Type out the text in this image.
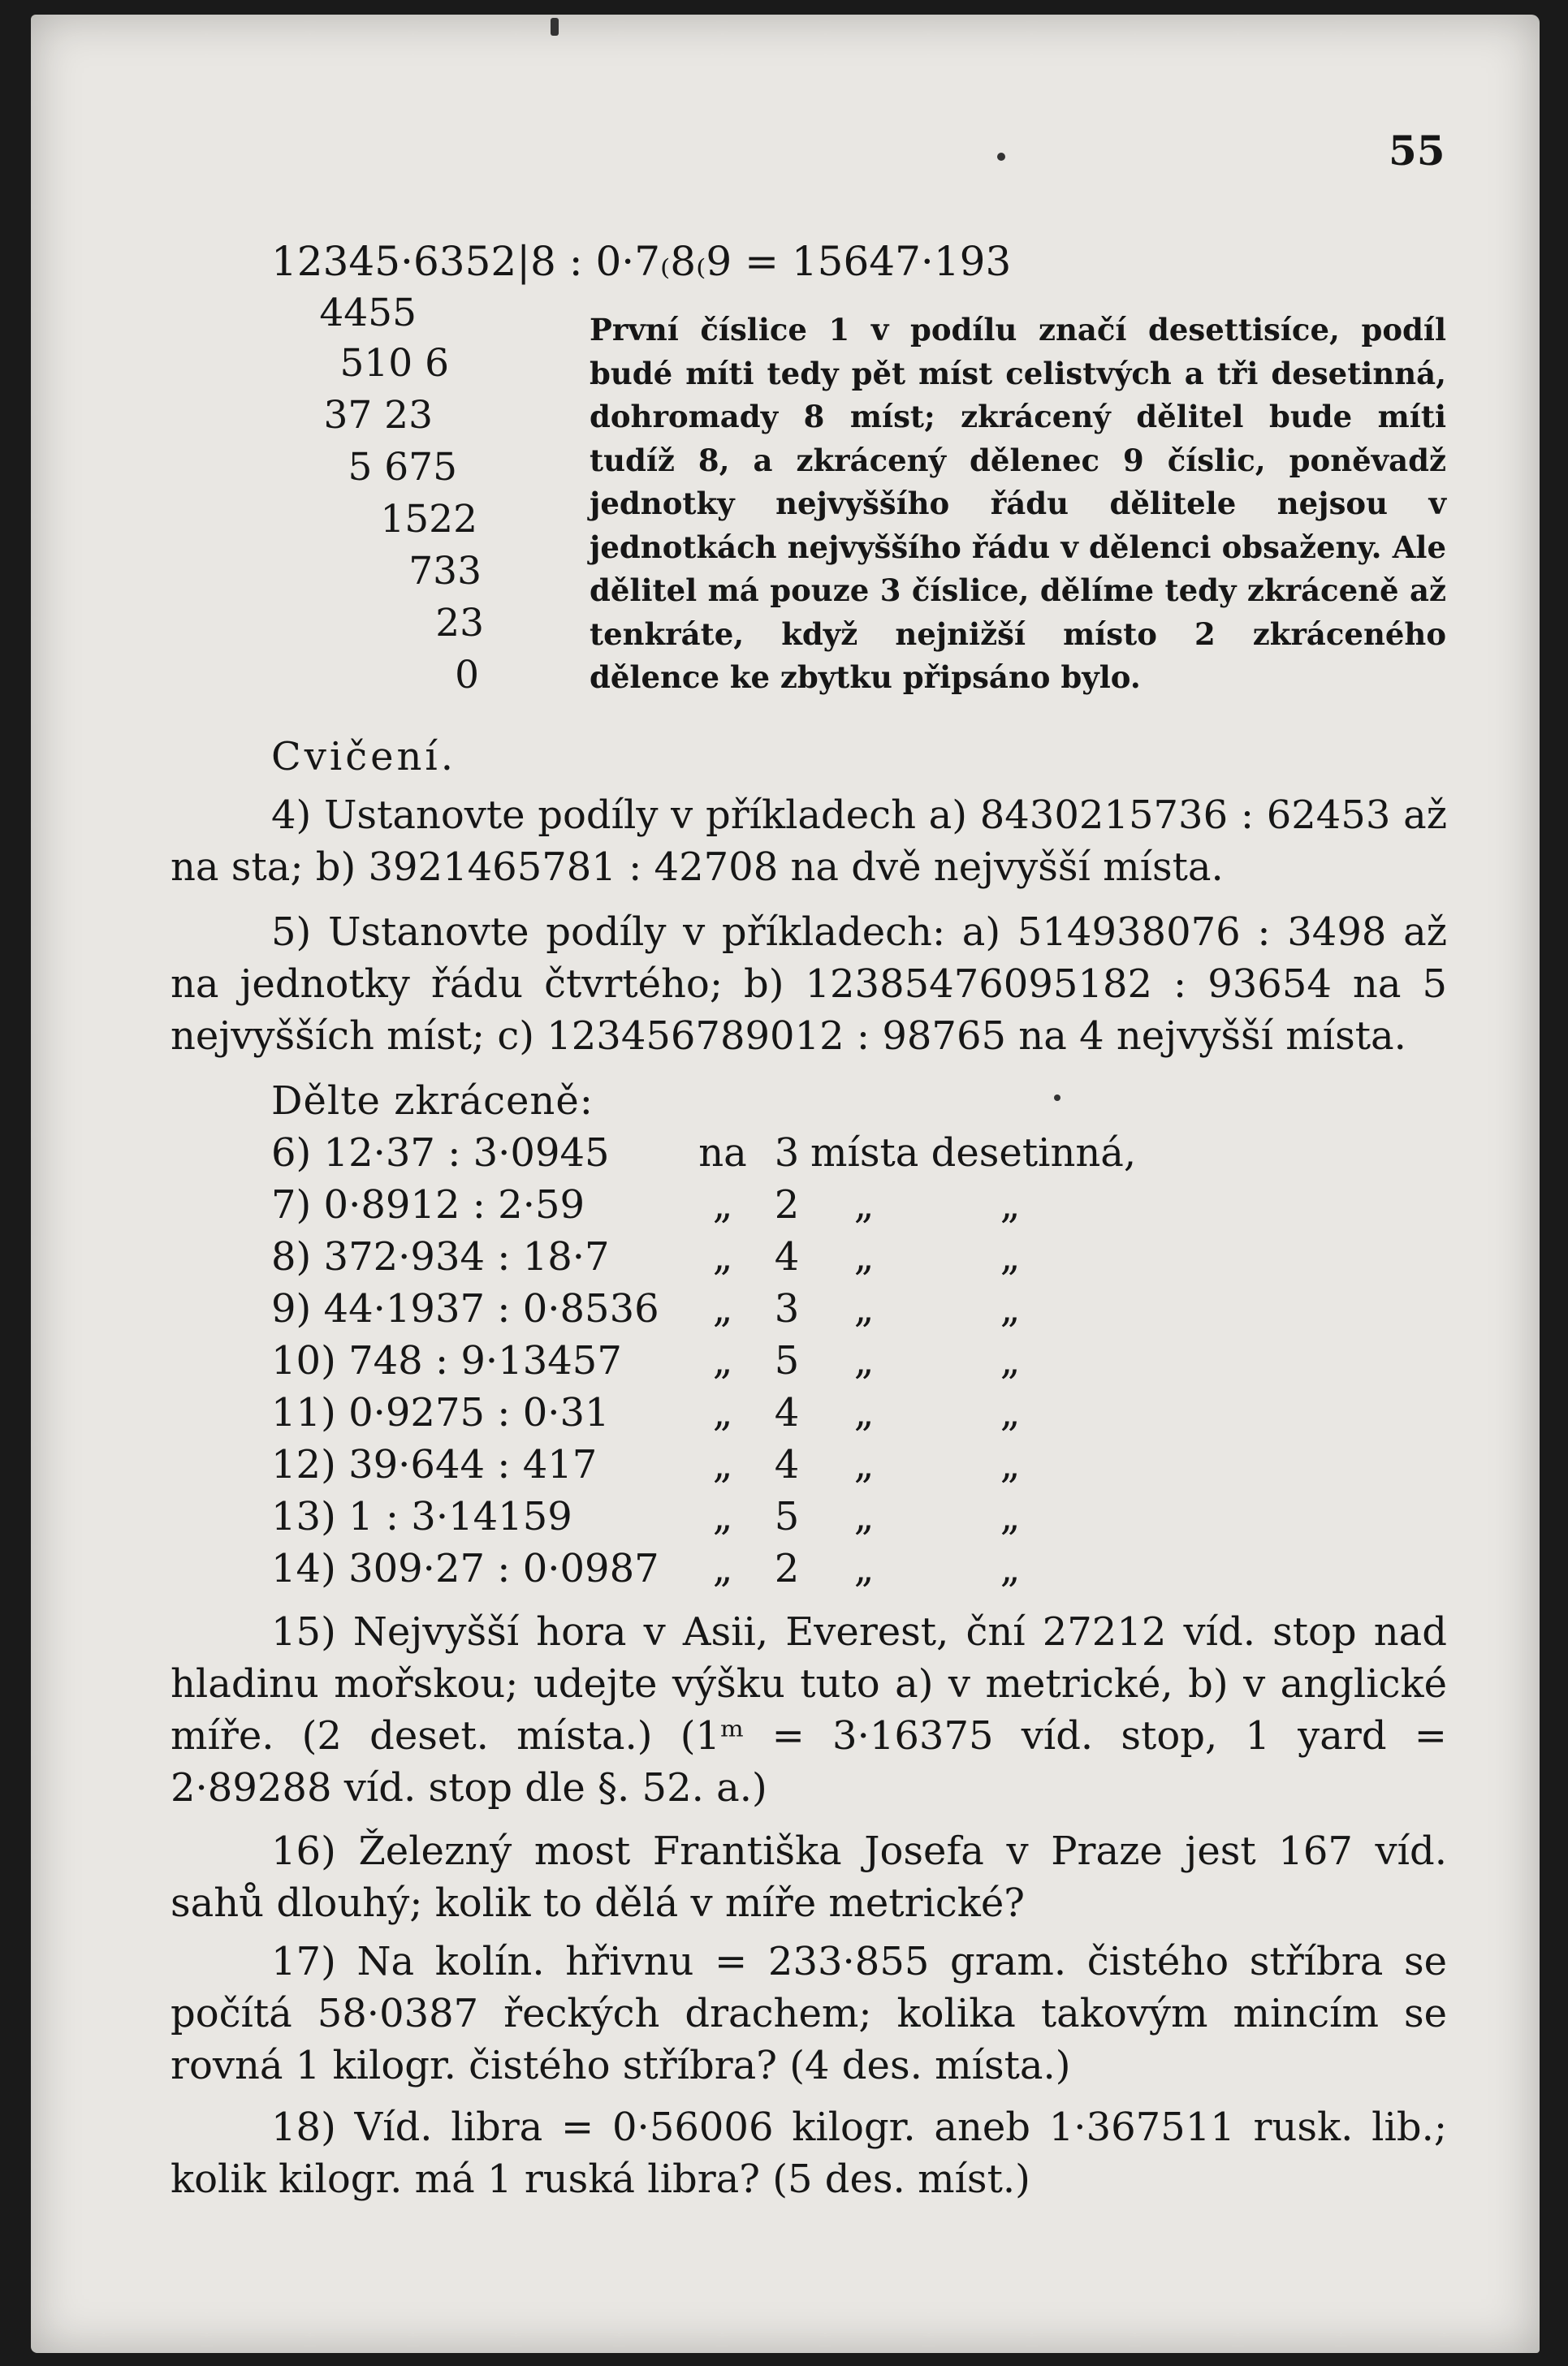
55
12345·6352|8 : 0·7₍8₍9 = 15647·193
4455
510 6
37 23
5 675
1522
733
23
0
První číslice 1 v podílu značí desettisíce, podíl budé míti tedy pět míst celistvých a tři desetinná, dohromady 8 míst; zkrácený dělitel bude míti tudíž 8, a zkrácený dělenec 9 číslic, poněvadž jednotky nejvyššího řádu dělitele nejsou v jednotkách nejvyššího řádu v dělenci obsaženy. Ale dělitel má pouze 3 číslice, dělíme tedy zkráceně až tenkráte, když nejnižší místo 2 zkráceného dělence ke zbytku připsáno bylo.
Cvičení.
4) Ustanovte podíly v příkladech a) 8430215736 : 62453 až na sta; b) 3921465781 : 42708 na dvě nejvyšší místa.
5) Ustanovte podíly v příkladech: a) 514938076 : 3498 až na jednotky řádu čtvrtého; b) 12385476095182 : 93654 na 5 nejvyšších míst; c) 123456789012 : 98765 na 4 nejvyšší místa.
Dělte zkráceně:
6) 12·37 : 3·0945 na 3 místa desetinná,
7) 0·8912 : 2·59	„	2	„	„
8) 372·934 : 18·7	„	4	„	„
9) 44·1937 : 0·8536	„	3	„	„
10) 748 : 9·13457	„	5	„	„
11) 0·9275 : 0·31	„	4	„	„
12) 39·644 : 417	„	4	„	„
13) 1 : 3·14159	„	5	„	„
14) 309·27 : 0·0987	„	2	„	„
15) Nejvyšší hora v Asii, Everest, ční 27212 víd. stop nad hladinu mořskou; udejte výšku tuto a) v metrické, b) v anglické míře. (2 deset. místa.) (1ᵐ = 3·16375 víd. stop, 1 yard = 2·89288 víd. stop dle §. 52. a.)
16) Železný most Františka Josefa v Praze jest 167 víd. sahů dlouhý; kolik to dělá v míře metrické?
17) Na kolín. hřivnu = 233·855 gram. čistého stříbra se počítá 58·0387 řeckých drachem; kolika takovým mincím se rovná 1 kilogr. čistého stříbra? (4 des. místa.)
18) Víd. libra = 0·56006 kilogr. aneb 1·367511 rusk. lib.; kolik kilogr. má 1 ruská libra? (5 des. míst.)
